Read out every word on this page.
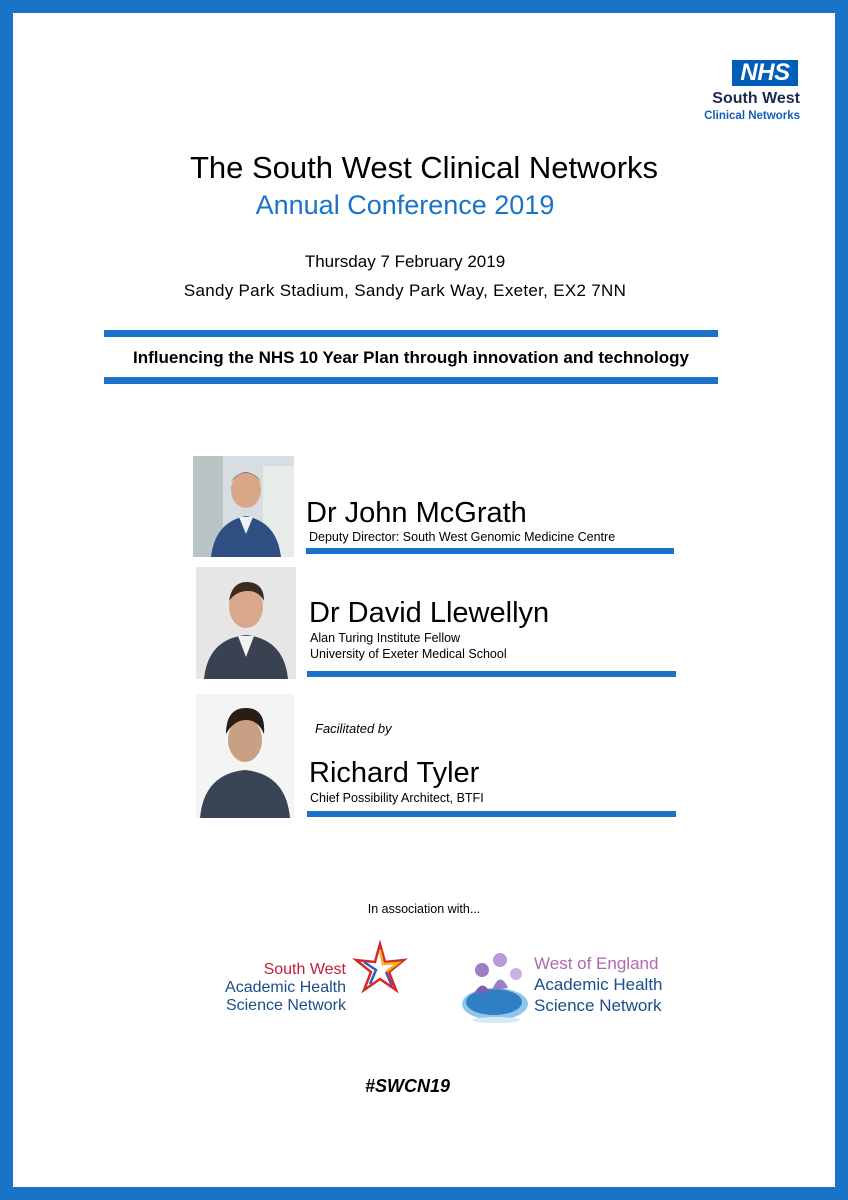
NHS
South West
Clinical Networks
The South West Clinical Networks
Annual Conference 2019
Thursday 7 February 2019
Sandy Park Stadium, Sandy Park Way, Exeter, EX2 7NN
Influencing the NHS 10 Year Plan through innovation and technology
Dr John McGrath
Deputy Director: South West Genomic Medicine Centre
Dr David Llewellyn
Alan Turing Institute Fellow
University of Exeter Medical School
Facilitated by
Richard Tyler
Chief Possibility Architect, BTFI
In association with...
South West
Academic Health
Science Network
West of England
Academic Health
Science Network
#SWCN19
